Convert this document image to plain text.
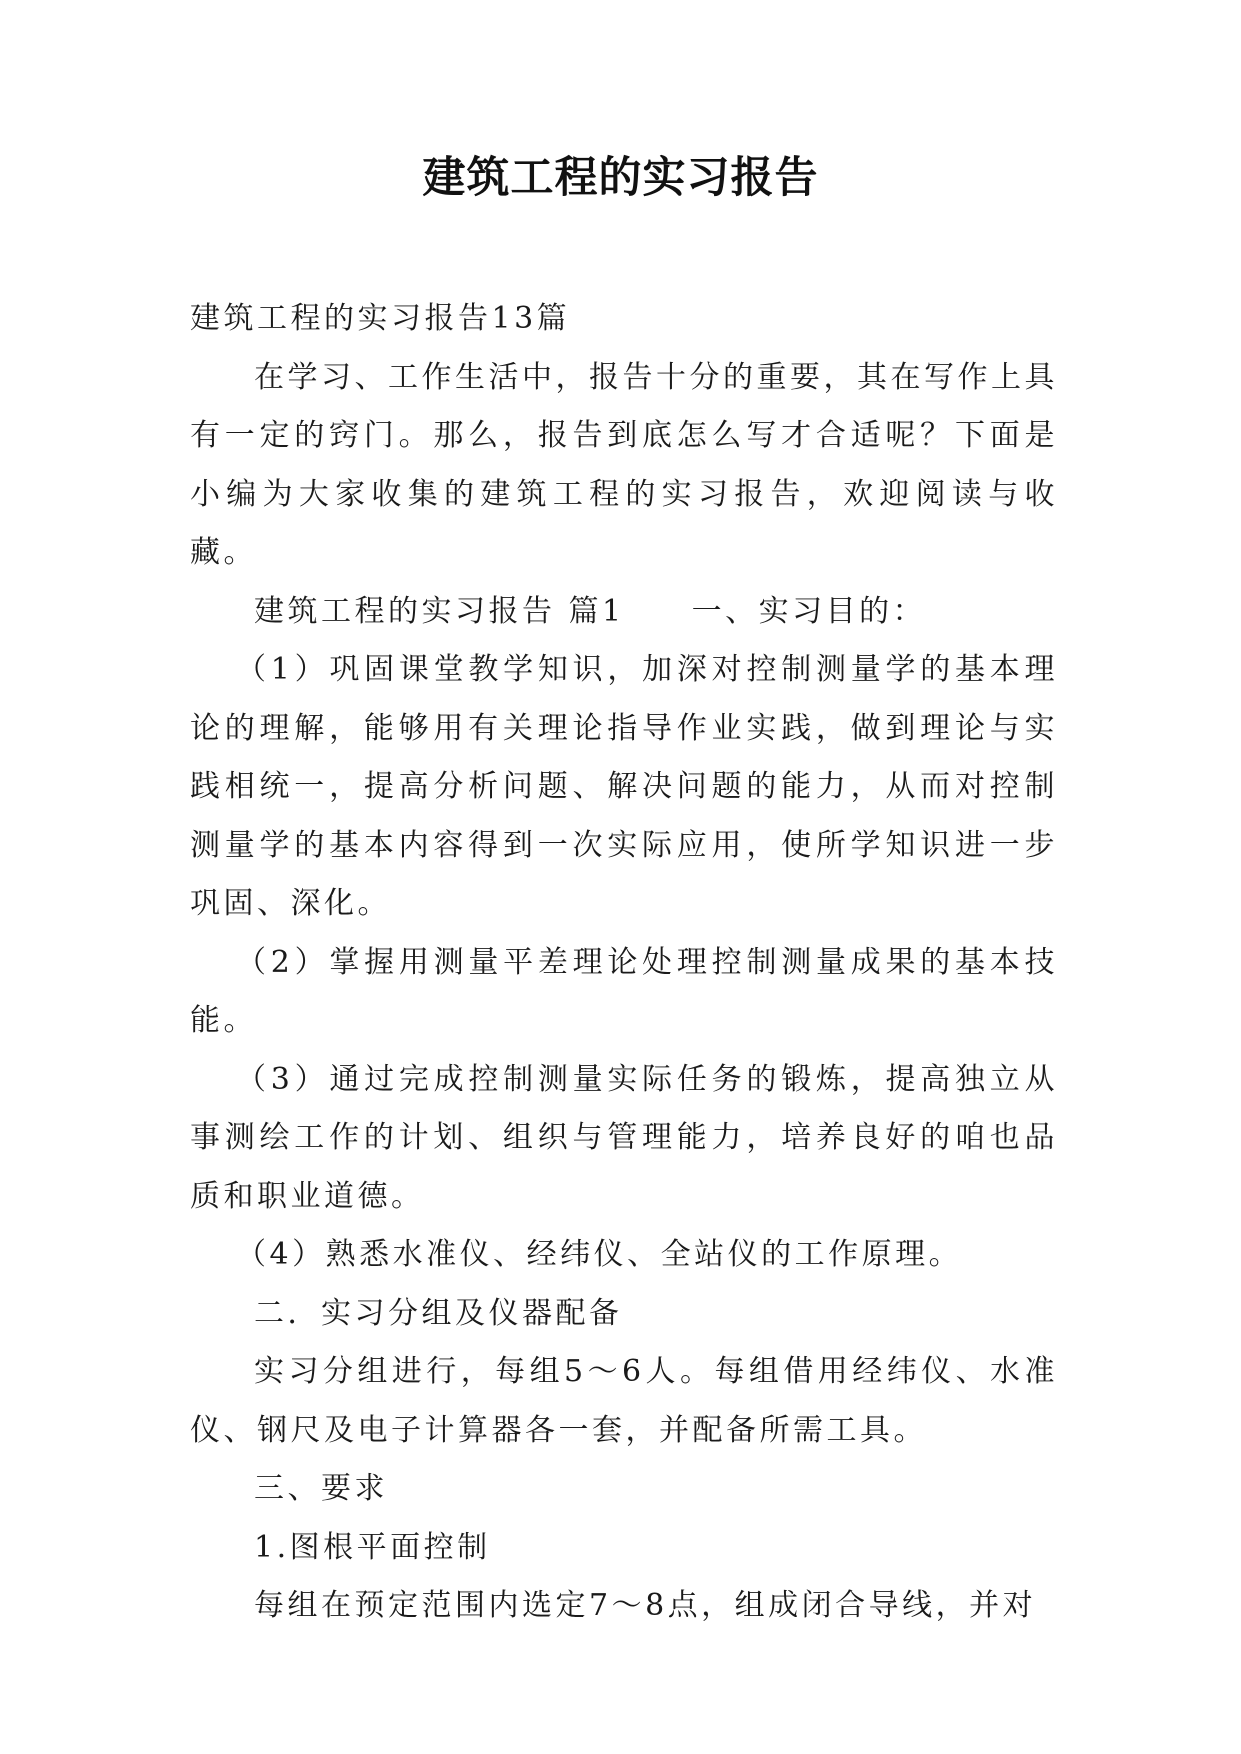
建筑工程的实习报告

建筑工程的实习报告13篇

在学习、工作生活中，报告十分的重要，其在写作上具有一定的窍门。那么，报告到底怎么写才合适呢？下面是小编为大家收集的建筑工程的实习报告，欢迎阅读与收藏。

建筑工程的实习报告 篇1　　一、实习目的：

（1）巩固课堂教学知识，加深对控制测量学的基本理论的理解，能够用有关理论指导作业实践，做到理论与实践相统一，提高分析问题、解决问题的能力，从而对控制测量学的基本内容得到一次实际应用，使所学知识进一步巩固、深化。

（2）掌握用测量平差理论处理控制测量成果的基本技能。

（3）通过完成控制测量实际任务的锻炼，提高独立从事测绘工作的计划、组织与管理能力，培养良好的咱也品质和职业道德。

（4）熟悉水准仪、经纬仪、全站仪的工作原理。

二．实习分组及仪器配备

实习分组进行，每组5～6人。每组借用经纬仪、水准仪、钢尺及电子计算器各一套，并配备所需工具。

三、要求

1.图根平面控制

每组在预定范围内选定7～8点，组成闭合导线，并对
